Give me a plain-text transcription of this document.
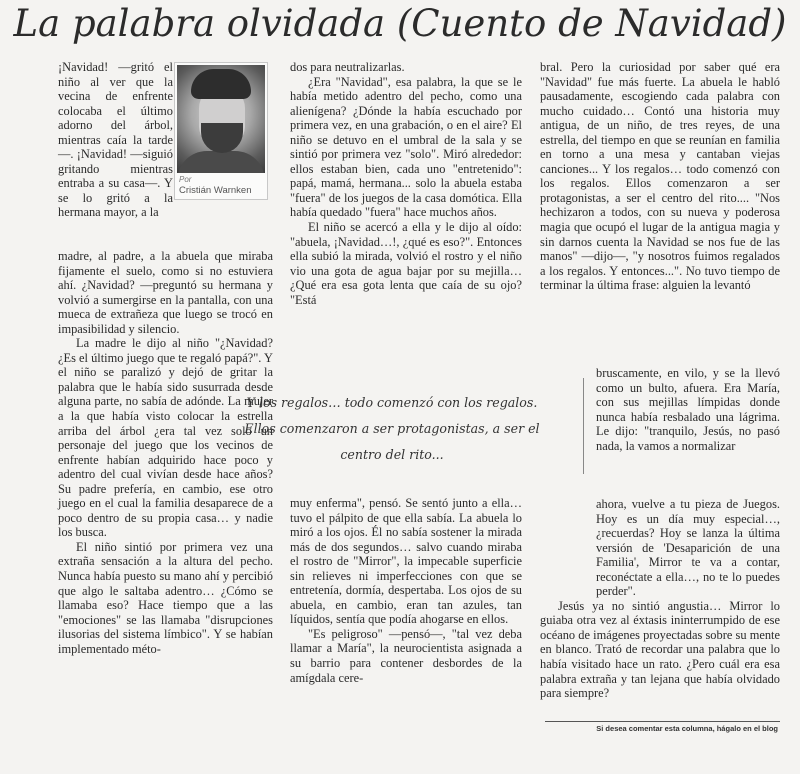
La palabra olvidada (Cuento de Navidad)

¡Navidad! —gritó el niño al ver que la vecina de enfrente colocaba el último adorno del árbol, mientras caía la tarde—. ¡Navidad! —siguió gritando mientras entraba a su casa—. Y se lo gritó a la hermana mayor, a la

Por
Cristián Warnken

madre, al padre, a la abuela que miraba fijamente el suelo, como si no estuviera ahí. ¿Navidad? —preguntó su hermana y volvió a sumergirse en la pantalla, con una mueca de extrañeza que luego se trocó en impasibilidad y silencio.

La madre le dijo al niño "¿Navidad? ¿Es el último juego que te regaló papá?". Y el niño se paralizó y dejó de gritar la palabra que le había sido susurrada desde alguna parte, no sabía de adónde. La mujer a la que había visto colocar la estrella arriba del árbol ¿era tal vez solo un personaje del juego que los vecinos de enfrente habían adquirido hace poco y adentro del cual vivían desde hace años? Su padre prefería, en cambio, ese otro juego en el cual la familia desaparece de a poco dentro de su propia casa… y nadie los busca.

El niño sintió por primera vez una extraña sensación a la altura del pecho. Nunca había puesto su mano ahí y percibió que algo le saltaba adentro… ¿Cómo se llamaba eso? Hace tiempo que a las "emociones" se las llamaba "disrupciones ilusorias del sistema límbico". Y se habían implementado méto-

dos para neutralizarlas.

¿Era "Navidad", esa palabra, la que se le había metido adentro del pecho, como una alienígena? ¿Dónde la había escuchado por primera vez, en una grabación, o en el aire? El niño se detuvo en el umbral de la sala y se sintió por primera vez "solo". Miró alrededor: ellos estaban bien, cada uno "entretenido": papá, mamá, hermana... solo la abuela estaba "fuera" de los juegos de la casa domótica. Ella había quedado "fuera" hace muchos años.

El niño se acercó a ella y le dijo al oído: "abuela, ¡Navidad…!, ¿qué es eso?". Entonces ella subió la mirada, volvió el rostro y el niño vio una gota de agua bajar por su mejilla… ¿Qué era esa gota lenta que caía de su ojo? "Está

Y los regalos… todo comenzó con los regalos.
Ellos comenzaron a ser protagonistas, a ser el
centro del rito...

muy enferma", pensó. Se sentó junto a ella… tuvo el pálpito de que ella sabía. La abuela lo miró a los ojos. Él no sabía sostener la mirada más de dos segundos… salvo cuando miraba el rostro de "Mirror", la impecable superficie sin relieves ni imperfecciones con que se entretenía, dormía, despertaba. Los ojos de su abuela, en cambio, eran tan azules, tan líquidos, sentía que podía ahogarse en ellos.

"Es peligroso" —pensó—, "tal vez deba llamar a María", la neurocientista asignada a su barrio para contener desbordes de la amígdala cere-

bral. Pero la curiosidad por saber qué era "Navidad" fue más fuerte. La abuela le habló pausadamente, escogiendo cada palabra con mucho cuidado… Contó una historia muy antigua, de un niño, de tres reyes, de una estrella, del tiempo en que se reunían en familia en torno a una mesa y cantaban viejas canciones... Y los regalos… todo comenzó con los regalos. Ellos comenzaron a ser protagonistas, a ser el centro del rito.... "Nos hechizaron a todos, con su nueva y poderosa magia que ocupó el lugar de la antigua magia y sin darnos cuenta la Navidad se nos fue de las manos" —dijo—, "y nosotros fuimos regalados a los regalos. Y entonces...". No tuvo tiempo de terminar la última frase: alguien la levantó

bruscamente, en vilo, y se la llevó como un bulto, afuera. Era María, con sus mejillas límpidas donde nunca había resbalado una lágrima. Le dijo: "tranquilo, Jesús, no pasó nada, la vamos a normalizar

ahora, vuelve a tu pieza de Juegos. Hoy es un día muy especial…, ¿recuerdas? Hoy se lanza la última versión de 'Desaparición de una Familia', Mirror te va a contar, reconéctate a ella…, no te lo puedes perder".

Jesús ya no sintió angustia… Mirror lo guiaba otra vez al éxtasis ininterrumpido de ese océano de imágenes proyectadas sobre su mente en blanco. Trató de recordar una palabra que lo había visitado hace un rato. ¿Pero cuál era esa palabra extraña y tan lejana que había olvidado para siempre?

Si desea comentar esta columna, hágalo en el blog
